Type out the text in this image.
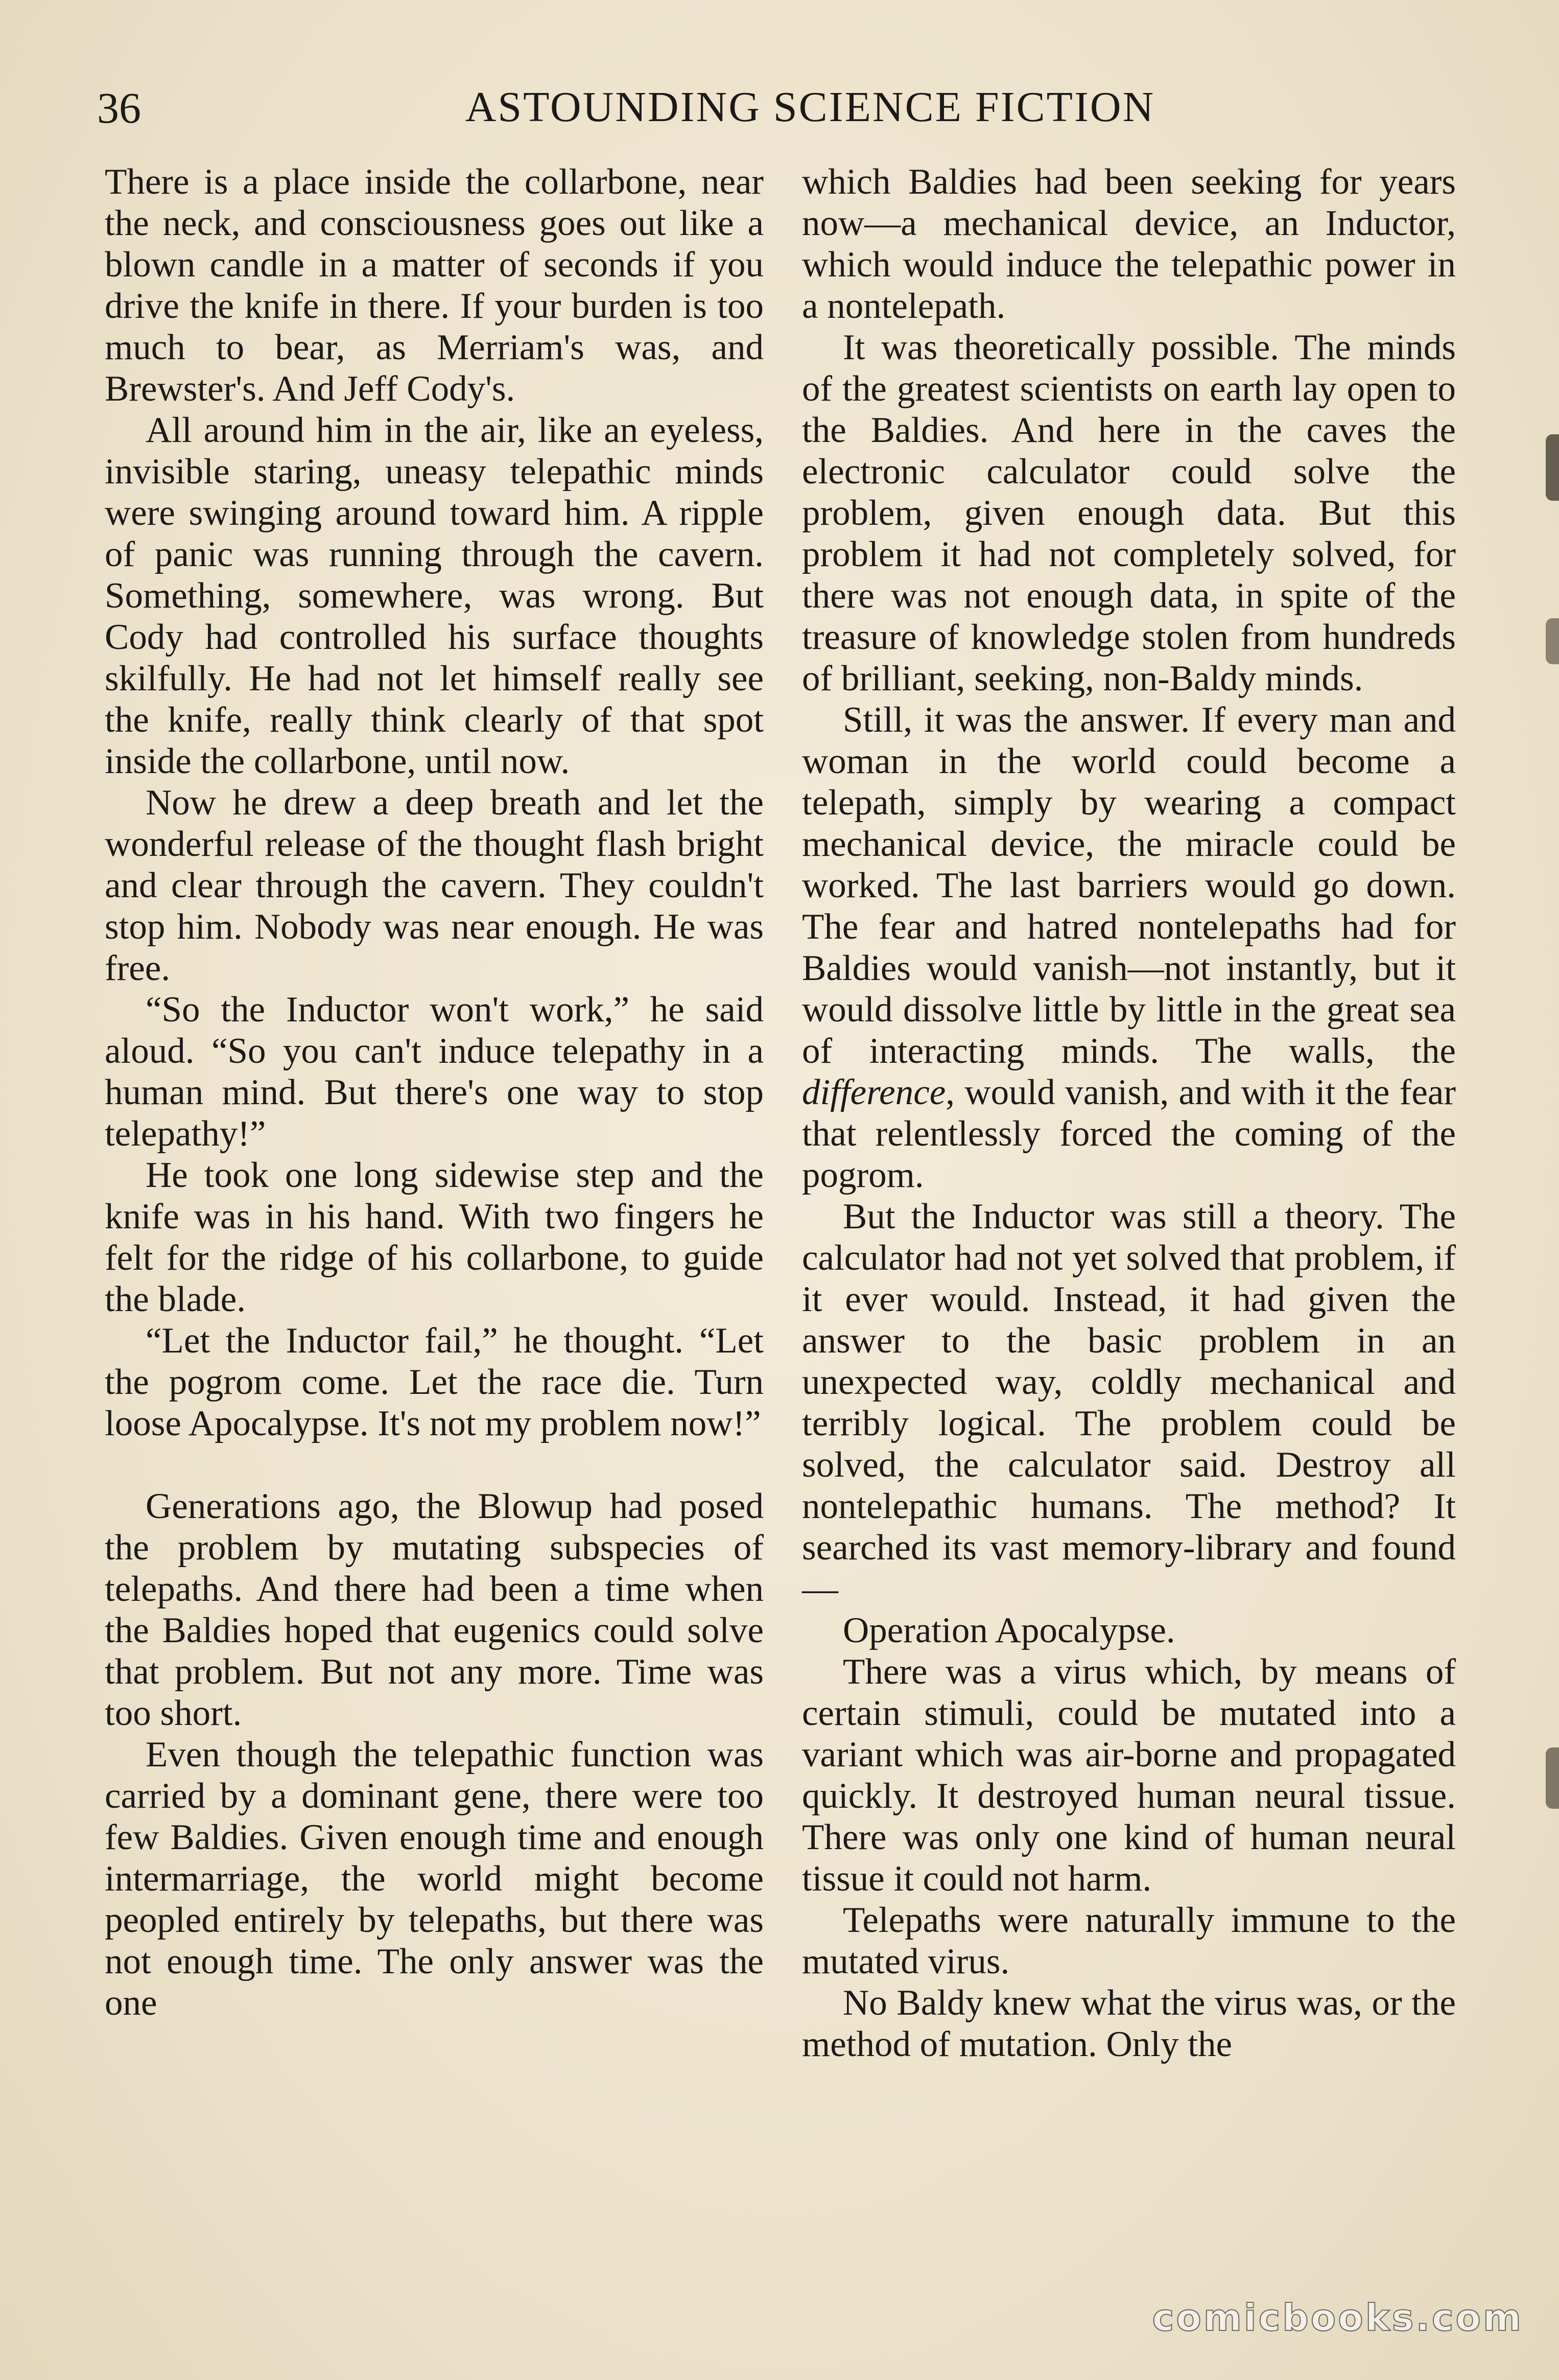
36	ASTOUNDING SCIENCE FICTION

There is a place inside the collarbone, near the neck, and consciousness goes out like a blown candle in a matter of seconds if you drive the knife in there. If your burden is too much to bear, as Merriam's was, and Brewster's. And Jeff Cody's.

All around him in the air, like an eyeless, invisible staring, uneasy telepathic minds were swinging around toward him. A ripple of panic was running through the cavern. Something, somewhere, was wrong. But Cody had controlled his surface thoughts skilfully. He had not let himself really see the knife, really think clearly of that spot inside the collarbone, until now.

Now he drew a deep breath and let the wonderful release of the thought flash bright and clear through the cavern. They couldn't stop him. Nobody was near enough. He was free.

“So the Inductor won't work,” he said aloud. “So you can't induce telepathy in a human mind. But there's one way to stop telepathy!”

He took one long sidewise step and the knife was in his hand. With two fingers he felt for the ridge of his collarbone, to guide the blade.

“Let the Inductor fail,” he thought. “Let the pogrom come. Let the race die. Turn loose Apocalypse. It's not my problem now!”

Generations ago, the Blowup had posed the problem by mutating subspecies of telepaths. And there had been a time when the Baldies hoped that eugenics could solve that problem. But not any more. Time was too short.

Even though the telepathic function was carried by a dominant gene, there were too few Baldies. Given enough time and enough intermarriage, the world might become peopled entirely by telepaths, but there was not enough time. The only answer was the one

which Baldies had been seeking for years now—a mechanical device, an Inductor, which would induce the telepathic power in a nontelepath.

It was theoretically possible. The minds of the greatest scientists on earth lay open to the Baldies. And here in the caves the electronic calculator could solve the problem, given enough data. But this problem it had not completely solved, for there was not enough data, in spite of the treasure of knowledge stolen from hundreds of brilliant, seeking, non-Baldy minds.

Still, it was the answer. If every man and woman in the world could become a telepath, simply by wearing a compact mechanical device, the miracle could be worked. The last barriers would go down. The fear and hatred nontelepaths had for Baldies would vanish—not instantly, but it would dissolve little by little in the great sea of interacting minds. The walls, the difference, would vanish, and with it the fear that relentlessly forced the coming of the pogrom.

But the Inductor was still a theory. The calculator had not yet solved that problem, if it ever would. Instead, it had given the answer to the basic problem in an unexpected way, coldly mechanical and terribly logical. The problem could be solved, the calculator said. Destroy all nontelepathic humans. The method? It searched its vast memory-library and found—

Operation Apocalypse.

There was a virus which, by means of certain stimuli, could be mutated into a variant which was air-borne and propagated quickly. It destroyed human neural tissue. There was only one kind of human neural tissue it could not harm.

Telepaths were naturally immune to the mutated virus.

No Baldy knew what the virus was, or the method of mutation. Only the

comicbooks.com
